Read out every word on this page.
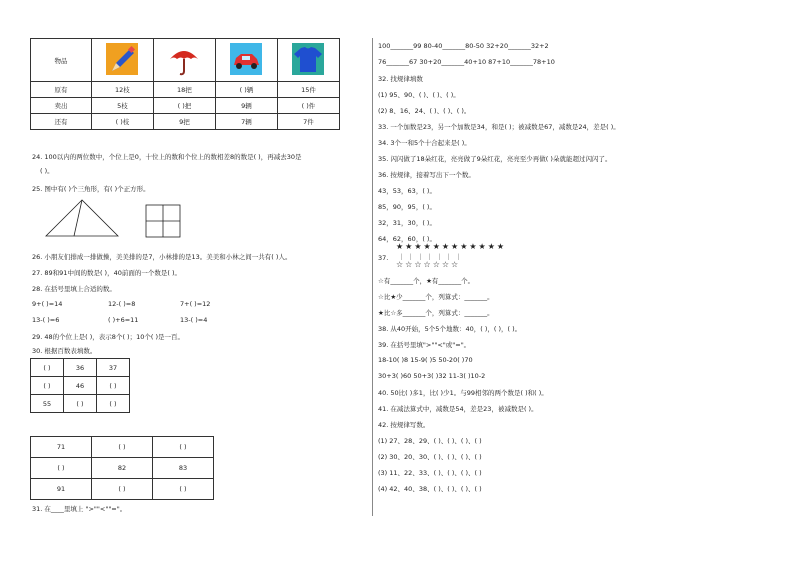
物品				
原有	12枝	18把	( )辆	15件
卖出	5枝	( )把	9辆	( )件
还有	( )枝	9把	7辆	7件
24. 100以内的两位数中，个位上是0，十位上的数和个位上的数相差8的数是( )，再减去30是
( )。
25. 图中有( )个三角形，有( )个正方形。
26. 小朋友们排成一排做操，美美排的是7，小林排的是13。美美和小林之间一共有( )人。
27. 89和91中间的数是( )，40前面的一个数是( )。
28. 在括号里填上合适的数。
9+( )=14	12-( )=8	7+( )=12
13-( )=6	( )+6=11	13-( )=4
29. 48的个位上是( )，表示8个( )；10个( )是一百。
30. 根据百数表填数。
( )	36	37
( )	46	( )
55	( )	( )
71	( )	( )
( )	82	83
91	( )	( )
31. 在____里填上 ">""<""="。
100_______99 80-40_______80-50 32+20_______32+2
76_______67 30+20_______40+10 87+10_______78+10
32. 找规律填数
(1) 95、90、( )、( )、( )。
(2) 8、16、24、( )、( )、( )。
33. 一个加数是23，另一个加数是34，和是( )；被减数是67，减数是24，差是( )。
34. 3个一和5个十合起来是( )。
35. 闪闪做了18朵红花，亮亮做了9朵红花，亮亮至少再做( )朵就能超过闪闪了。
36. 按规律，接着写出下一个数。
43，53，63，( )。
85，90，95，( )。
32，31，30，( )。
64，62，60，( )。
37.
★★★★★★★★★★★★
｜｜｜｜｜｜｜
☆☆☆☆☆☆☆
☆有_______个，★有_______个。
☆比★少_______个，列算式：_______。
★比☆多_______个，列算式：_______。
38. 从40开始，5个5个地数：40，( )，( )，( )。
39. 在括号里填">""<"或"="。
18-10( )8 15-9( )5 50-20( )70
30+3( )60 50+3( )32 11-3( )10-2
40. 50比( )多1，比( )少1。与99相邻的两个数是( )和( )。
41. 在减法算式中，减数是54，差是23，被减数是( )。
42. 按规律写数。
(1) 27、28、29、( )、( )、( )、( )
(2) 30、20、30、( )、( )、( )、( )
(3) 11、22、33、( )、( )、( )、( )
(4) 42、40、38、( )、( )、( )、( )
